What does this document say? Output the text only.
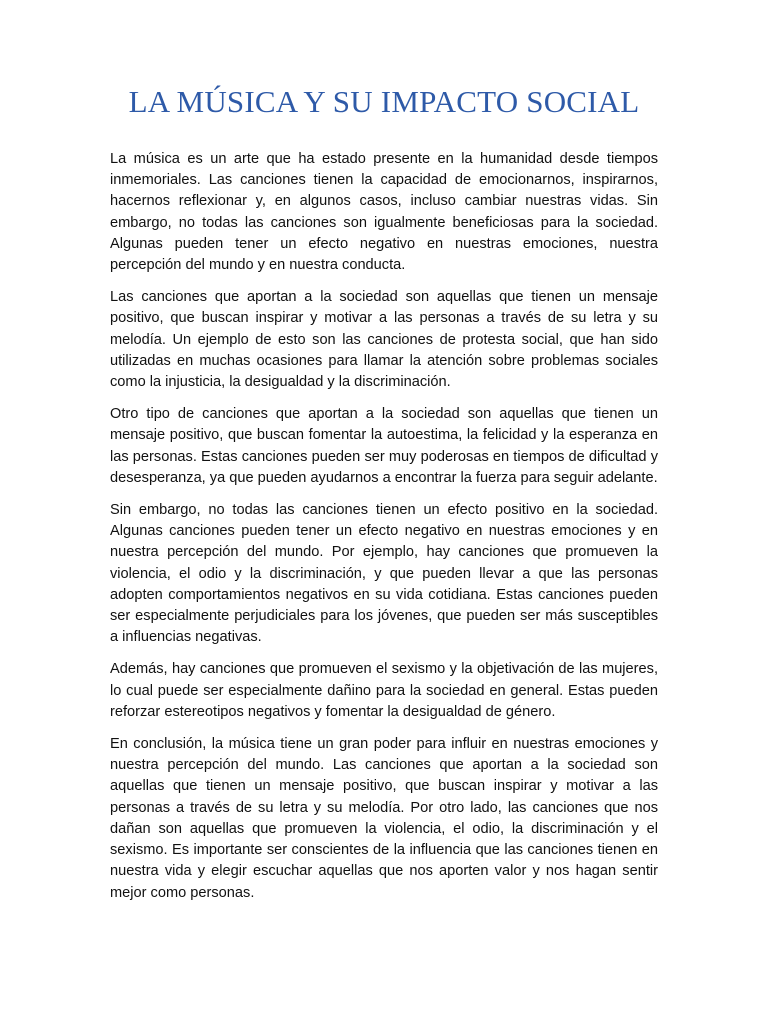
LA MÚSICA Y SU IMPACTO SOCIAL

La música es un arte que ha estado presente en la humanidad desde tiempos inmemoriales. Las canciones tienen la capacidad de emocionarnos, inspirarnos, hacernos reflexionar y, en algunos casos, incluso cambiar nuestras vidas. Sin embargo, no todas las canciones son igualmente beneficiosas para la sociedad. Algunas pueden tener un efecto negativo en nuestras emociones, nuestra percepción del mundo y en nuestra conducta.

Las canciones que aportan a la sociedad son aquellas que tienen un mensaje positivo, que buscan inspirar y motivar a las personas a través de su letra y su melodía. Un ejemplo de esto son las canciones de protesta social, que han sido utilizadas en muchas ocasiones para llamar la atención sobre problemas sociales como la injusticia, la desigualdad y la discriminación.

Otro tipo de canciones que aportan a la sociedad son aquellas que tienen un mensaje positivo, que buscan fomentar la autoestima, la felicidad y la esperanza en las personas. Estas canciones pueden ser muy poderosas en tiempos de dificultad y desesperanza, ya que pueden ayudarnos a encontrar la fuerza para seguir adelante.

Sin embargo, no todas las canciones tienen un efecto positivo en la sociedad. Algunas canciones pueden tener un efecto negativo en nuestras emociones y en nuestra percepción del mundo. Por ejemplo, hay canciones que promueven la violencia, el odio y la discriminación, y que pueden llevar a que las personas adopten comportamientos negativos en su vida cotidiana. Estas canciones pueden ser especialmente perjudiciales para los jóvenes, que pueden ser más susceptibles a influencias negativas.

Además, hay canciones que promueven el sexismo y la objetivación de las mujeres, lo cual puede ser especialmente dañino para la sociedad en general. Estas pueden reforzar estereotipos negativos y fomentar la desigualdad de género.

En conclusión, la música tiene un gran poder para influir en nuestras emociones y nuestra percepción del mundo. Las canciones que aportan a la sociedad son aquellas que tienen un mensaje positivo, que buscan inspirar y motivar a las personas a través de su letra y su melodía. Por otro lado, las canciones que nos dañan son aquellas que promueven la violencia, el odio, la discriminación y el sexismo. Es importante ser conscientes de la influencia que las canciones tienen en nuestra vida y elegir escuchar aquellas que nos aporten valor y nos hagan sentir mejor como personas.
